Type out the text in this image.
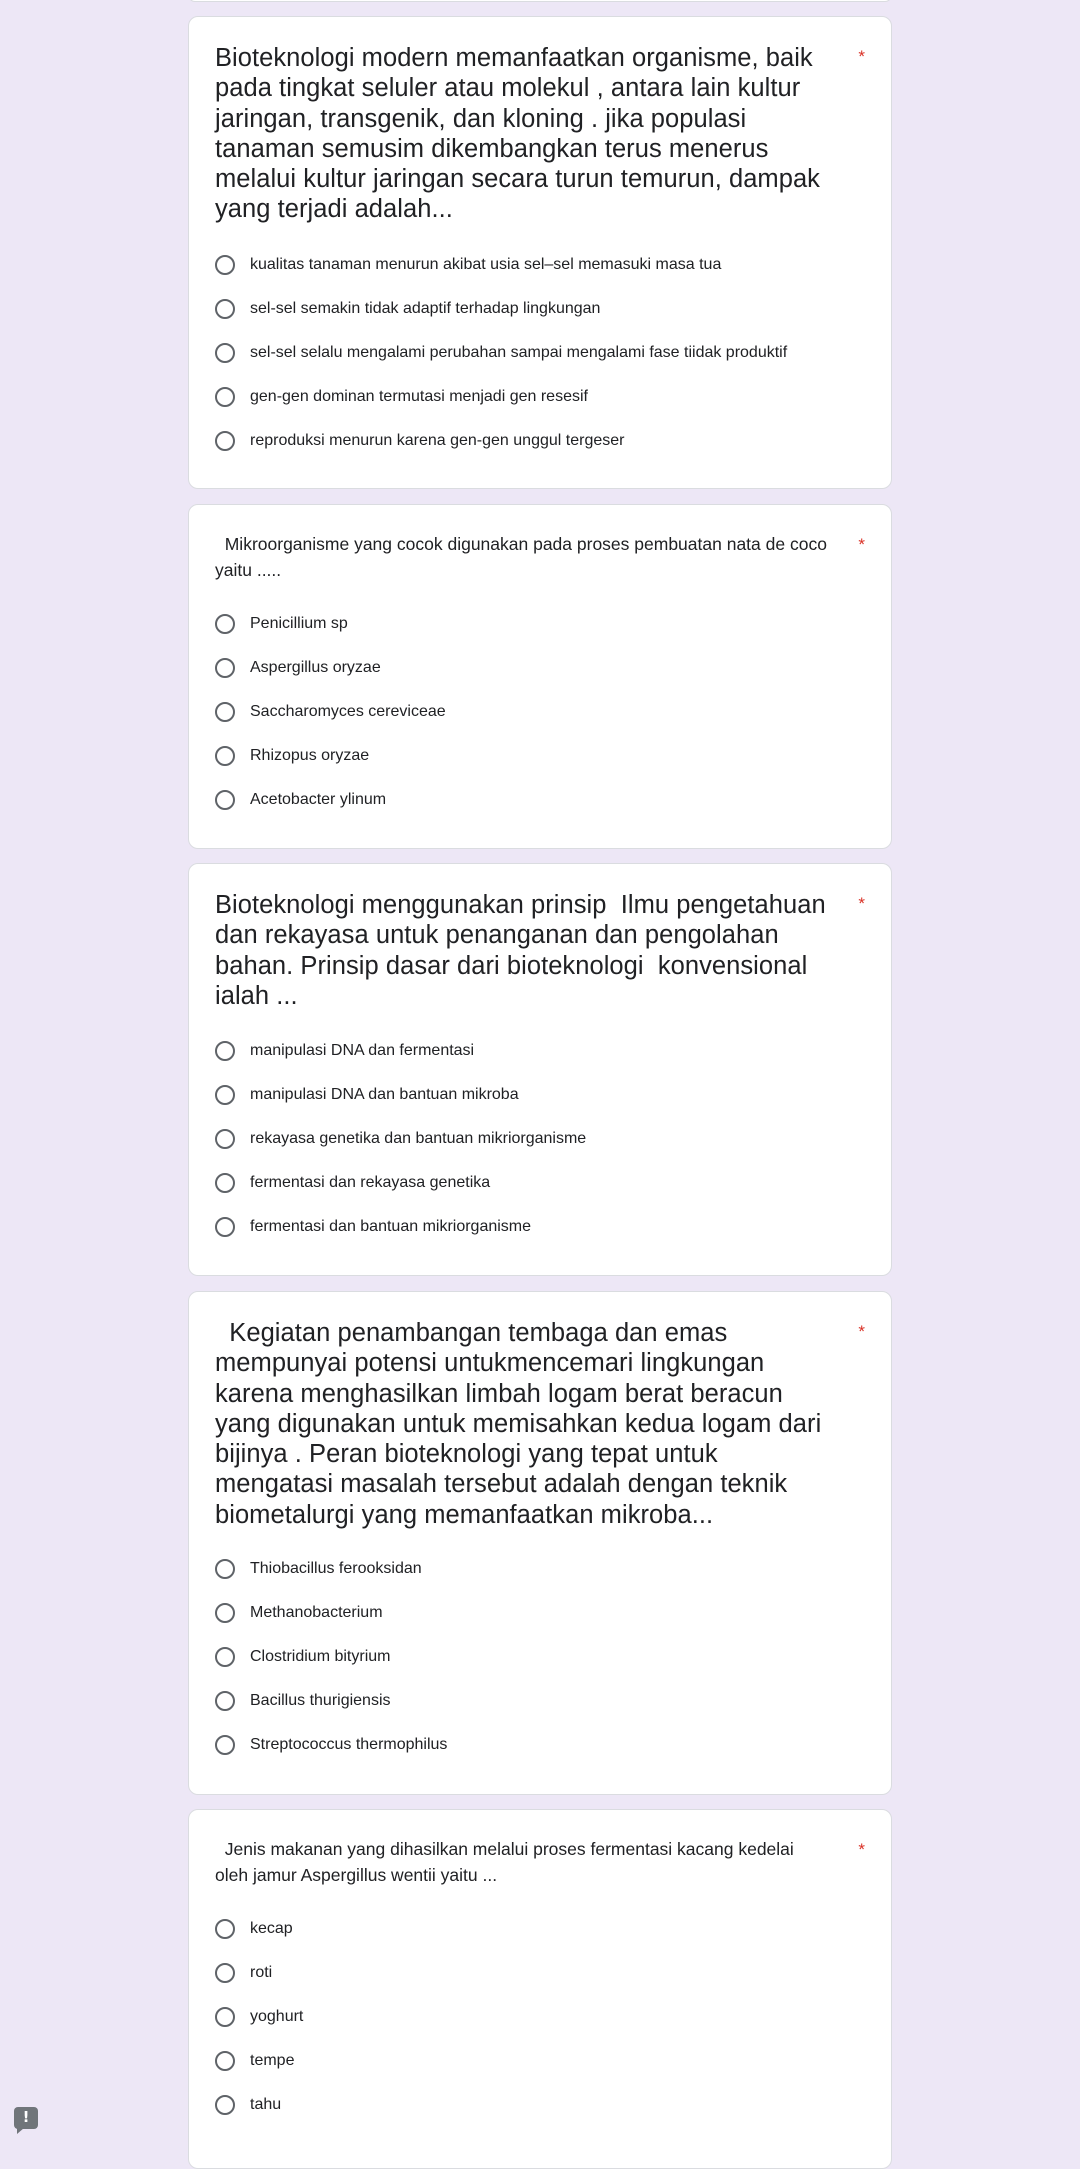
Bioteknologi modern memanfaatkan organisme, baik pada tingkat seluler atau molekul , antara lain kultur jaringan, transgenik, dan kloning . jika populasi tanaman semusim dikembangkan terus menerus melalui kultur jaringan secara turun temurun, dampak yang terjadi adalah...
*
kualitas tanaman menurun akibat usia sel–sel memasuki masa tua
sel-sel semakin tidak adaptif terhadap lingkungan
sel-sel selalu mengalami perubahan sampai mengalami fase tiidak produktif
gen-gen dominan termutasi menjadi gen resesif
reproduksi menurun karena gen-gen unggul tergeser
Mikroorganisme yang cocok digunakan pada proses pembuatan nata de coco yaitu .....
*
Penicillium sp
Aspergillus oryzae
Saccharomyces cereviceae
Rhizopus oryzae
Acetobacter ylinum
Bioteknologi menggunakan prinsip  Ilmu pengetahuan dan rekayasa untuk penanganan dan pengolahan bahan. Prinsip dasar dari bioteknologi  konvensional ialah ...
*
manipulasi DNA dan fermentasi
manipulasi DNA dan bantuan mikroba
rekayasa genetika dan bantuan mikriorganisme
fermentasi dan rekayasa genetika
fermentasi dan bantuan mikriorganisme
Kegiatan penambangan tembaga dan emas mempunyai potensi untukmencemari lingkungan karena menghasilkan limbah logam berat beracun yang digunakan untuk memisahkan kedua logam dari bijinya . Peran bioteknologi yang tepat untuk mengatasi masalah tersebut adalah dengan teknik biometalurgi yang memanfaatkan mikroba...
*
Thiobacillus ferooksidan
Methanobacterium
Clostridium bityrium
Bacillus thurigiensis
Streptococcus thermophilus
Jenis makanan yang dihasilkan melalui proses fermentasi kacang kedelai oleh jamur Aspergillus wentii yaitu ...
*
kecap
roti
yoghurt
tempe
tahu
!
